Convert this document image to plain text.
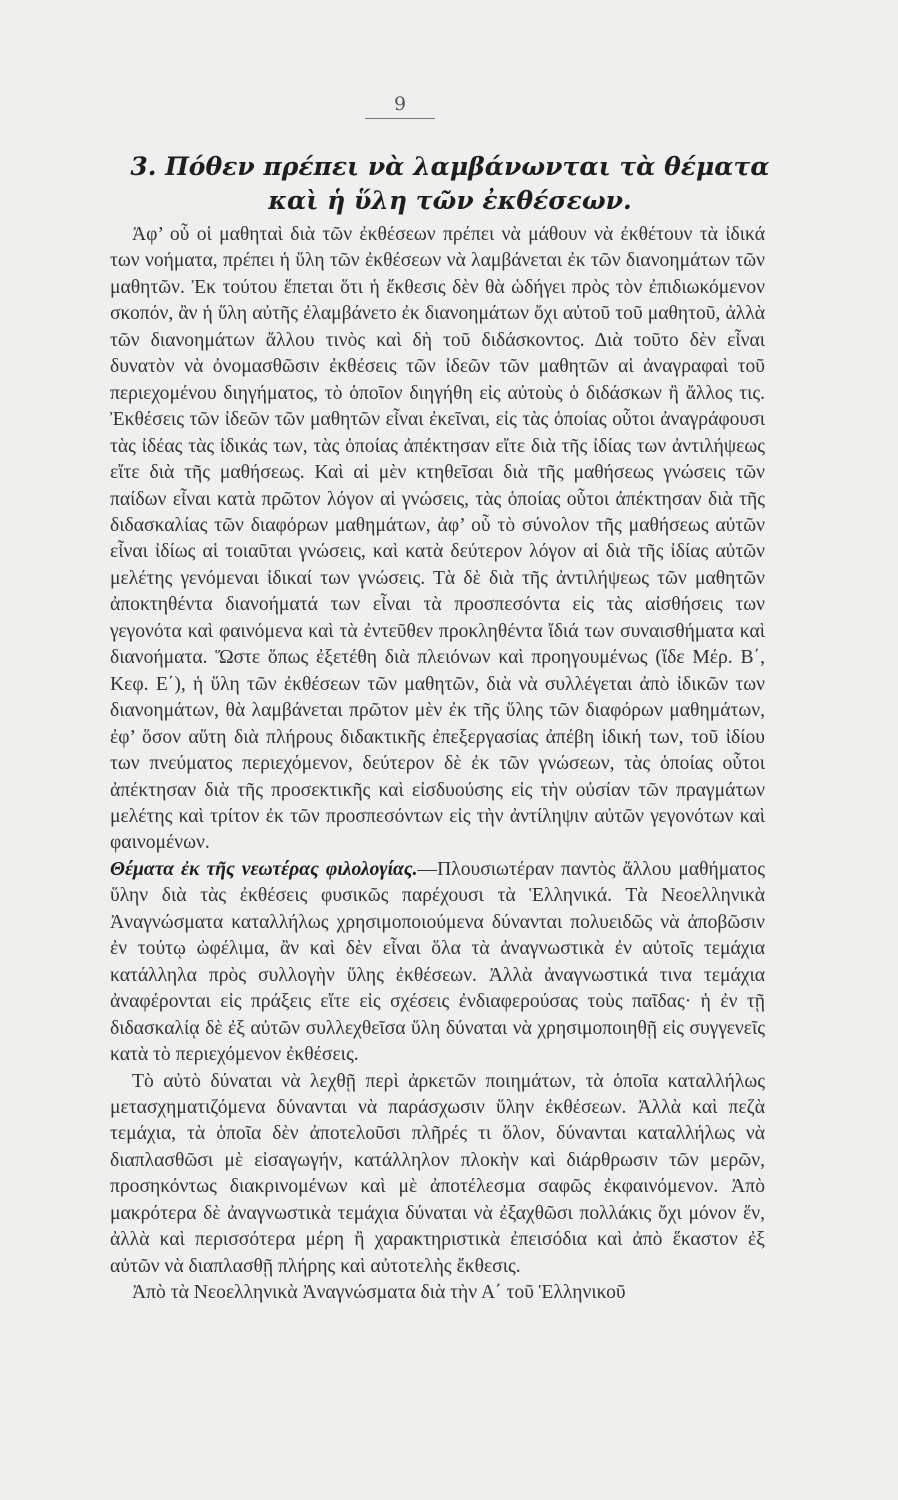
9
3. Πόθεν πρέπει νὰ λαμβάνωνται τὰ θέματα
καὶ ἡ ὕλη τῶν ἐκθέσεων.

Ἀφ’ οὗ οἱ μαθηταὶ διὰ τῶν ἐκθέσεων πρέπει νὰ μάθουν νὰ ἐκθέτουν τὰ ἰδικά των νοήματα, πρέπει ἡ ὕλη τῶν ἐκθέσεων νὰ λαμβάνεται ἐκ τῶν διανοημάτων τῶν μαθητῶν. Ἐκ τούτου ἕπεται ὅτι ἡ ἔκθεσις δὲν θὰ ὡδήγει πρὸς τὸν ἐπιδιωκόμενον σκοπόν, ἂν ἡ ὕλη αὐτῆς ἐλαμβάνετο ἐκ διανοημάτων ὄχι αὐτοῦ τοῦ μαθητοῦ, ἀλλὰ τῶν διανοημάτων ἄλλου τινὸς καὶ δὴ τοῦ διδάσκοντος. Διὰ τοῦτο δὲν εἶναι δυνατὸν νὰ ὀνομασθῶσιν ἐκθέσεις τῶν ἰδεῶν τῶν μαθητῶν αἱ ἀναγραφαὶ τοῦ περιεχομένου διηγήματος, τὸ ὁποῖον διηγήθη εἰς αὐτοὺς ὁ διδάσκων ἢ ἄλλος τις. Ἐκθέσεις τῶν ἰδεῶν τῶν μαθητῶν εἶναι ἐκεῖναι, εἰς τὰς ὁποίας οὗτοι ἀναγράφουσι τὰς ἰδέας τὰς ἰδικάς των, τὰς ὁποίας ἀπέκτησαν εἴτε διὰ τῆς ἰδίας των ἀντιλήψεως εἴτε διὰ τῆς μαθήσεως. Καὶ αἱ μὲν κτηθεῖσαι διὰ τῆς μαθήσεως γνώσεις τῶν παίδων εἶναι κατὰ πρῶτον λόγον αἱ γνώσεις, τὰς ὁποίας οὗτοι ἀπέκτησαν διὰ τῆς διδασκαλίας τῶν διαφόρων μαθημάτων, ἀφ’ οὗ τὸ σύνολον τῆς μαθήσεως αὐτῶν εἶναι ἰδίως αἱ τοιαῦται γνώσεις, καὶ κατὰ δεύτερον λόγον αἱ διὰ τῆς ἰδίας αὐτῶν μελέτης γενόμεναι ἰδικαί των γνώσεις. Τὰ δὲ διὰ τῆς ἀντιλήψεως τῶν μαθητῶν ἀποκτηθέντα διανοήματά των εἶναι τὰ προσπεσόντα εἰς τὰς αἰσθήσεις των γεγονότα καὶ φαινόμενα καὶ τὰ ἐντεῦθεν προκληθέντα ἴδιά των συναισθήματα καὶ διανοήματα. Ὥστε ὅπως ἐξετέθη διὰ πλειόνων καὶ προηγουμένως (ἴδε Μέρ. Β΄, Κεφ. Ε΄), ἡ ὕλη τῶν ἐκθέσεων τῶν μαθητῶν, διὰ νὰ συλλέγεται ἀπὸ ἰδικῶν των διανοημάτων, θὰ λαμβάνεται πρῶτον μὲν ἐκ τῆς ὕλης τῶν διαφόρων μαθημάτων, ἐφ’ ὅσον αὕτη διὰ πλήρους διδακτικῆς ἐπεξεργασίας ἀπέβη ἰδική των, τοῦ ἰδίου των πνεύματος περιεχόμενον, δεύτερον δὲ ἐκ τῶν γνώσεων, τὰς ὁποίας οὗτοι ἀπέκτησαν διὰ τῆς προσεκτικῆς καὶ εἰσδυούσης εἰς τὴν οὐσίαν τῶν πραγμάτων μελέτης καὶ τρίτον ἐκ τῶν προσπεσόντων εἰς τὴν ἀντίληψιν αὐτῶν γεγονότων καὶ φαινομένων.

Θέματα ἐκ τῆς νεωτέρας φιλολογίας.—Πλουσιωτέραν παντὸς ἄλλου μαθήματος ὕλην διὰ τὰς ἐκθέσεις φυσικῶς παρέχουσι τὰ Ἑλληνικά. Τὰ Νεοελληνικὰ Ἀναγνώσματα καταλλήλως χρησιμοποιούμενα δύνανται πολυειδῶς νὰ ἀποβῶσιν ἐν τούτῳ ὠφέλιμα, ἂν καὶ δὲν εἶναι ὅλα τὰ ἀναγνωστικὰ ἐν αὐτοῖς τεμάχια κατάλληλα πρὸς συλλογὴν ὕλης ἐκθέσεων. Ἀλλὰ ἀναγνωστικά τινα τεμάχια ἀναφέρονται εἰς πράξεις εἴτε εἰς σχέσεις ἐνδιαφερούσας τοὺς παῖδας· ἡ ἐν τῇ διδασκαλίᾳ δὲ ἐξ αὐτῶν συλλεχθεῖσα ὕλη δύναται νὰ χρησιμοποιηθῇ εἰς συγγενεῖς κατὰ τὸ περιεχόμενον ἐκθέσεις.

Τὸ αὐτὸ δύναται νὰ λεχθῇ περὶ ἀρκετῶν ποιημάτων, τὰ ὁποῖα καταλλήλως μετασχηματιζόμενα δύνανται νὰ παράσχωσιν ὕλην ἐκθέσεων. Ἀλλὰ καὶ πεζὰ τεμάχια, τὰ ὁποῖα δὲν ἀποτελοῦσι πλῆρές τι ὅλον, δύνανται καταλλήλως νὰ διαπλασθῶσι μὲ εἰσαγωγήν, κατάλληλον πλοκὴν καὶ διάρθρωσιν τῶν μερῶν, προσηκόντως διακρινομένων καὶ μὲ ἀποτέλεσμα σαφῶς ἐκφαινόμενον. Ἀπὸ μακρότερα δὲ ἀναγνωστικὰ τεμάχια δύναται νὰ ἐξαχθῶσι πολλάκις ὄχι μόνον ἕν, ἀλλὰ καὶ περισσότερα μέρη ἢ χαρακτηριστικὰ ἐπεισόδια καὶ ἀπὸ ἕκαστον ἐξ αὐτῶν νὰ διαπλασθῇ πλήρης καὶ αὐτοτελὴς ἔκθεσις.

Ἀπὸ τὰ Νεοελληνικὰ Ἀναγνώσματα διὰ τὴν Α΄ τοῦ Ἑλληνικοῦ
